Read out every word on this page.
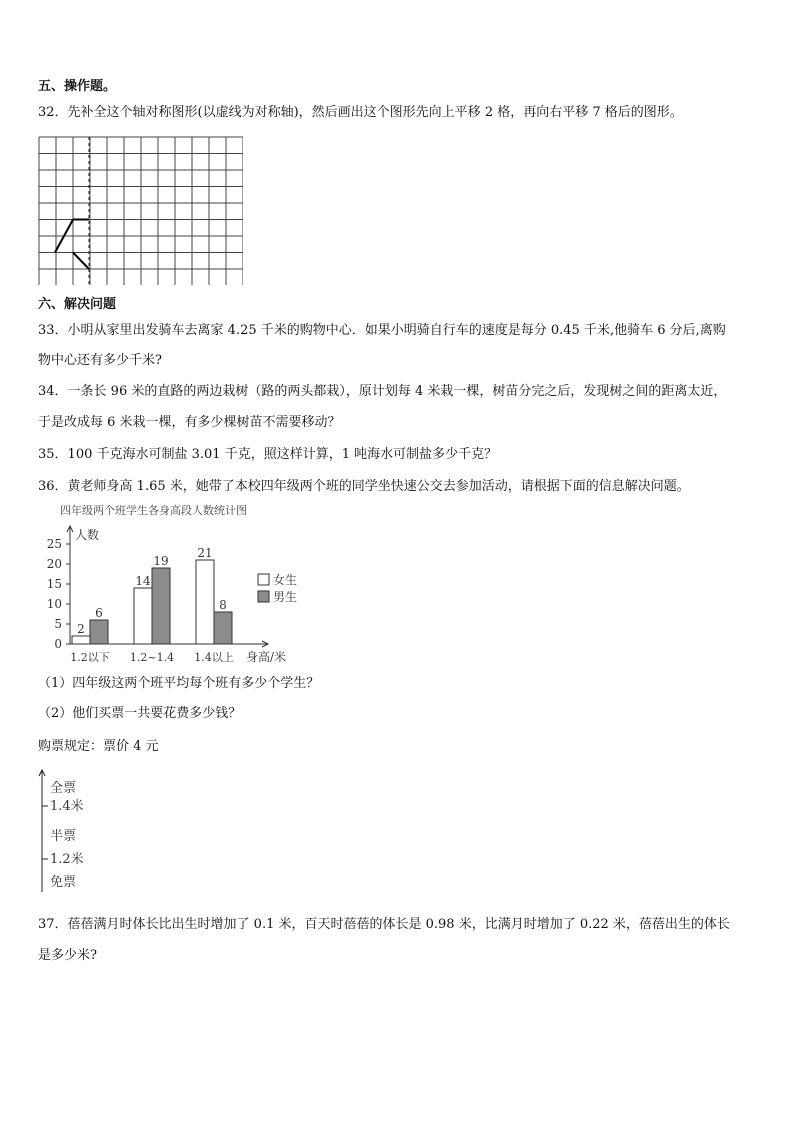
五、操作题。
32．先补全这个轴对称图形(以虚线为对称轴)，然后画出这个图形先向上平移 2 格，再向右平移 7 格后的图形。
六、解决问题
33．小明从家里出发骑车去离家 4.25 千米的购物中心．如果小明骑自行车的速度是每分 0.45 千米,他骑车 6 分后,离购
物中心还有多少千米?
34．一条长 96 米的直路的两边栽树（路的两头都栽），原计划每 4 米栽一棵，树苗分完之后，发现树之间的距离太近，
于是改成每 6 米栽一棵，有多少棵树苗不需要移动？
35．100 千克海水可制盐 3.01 千克，照这样计算，1 吨海水可制盐多少千克？
36．黄老师身高 1.65 米，她带了本校四年级两个班的同学坐快速公交去参加活动，请根据下面的信息解决问题。
四年级两个班学生各身高段人数统计图
人数
身高/米
0
5
10
15
20
25
2
6
1.2以下
14
19
1.2~1.4
21
8
1.4以上
女生
男生
（1）四年级这两个班平均每个班有多少个学生？
（2）他们买票一共要花费多少钱？
购票规定：票价 4 元
全票
1.4米
半票
1.2米
免票
37．蓓蓓满月时体长比出生时增加了 0.1 米，百天时蓓蓓的体长是 0.98 米，比满月时增加了 0.22 米，蓓蓓出生的体长
是多少米?
